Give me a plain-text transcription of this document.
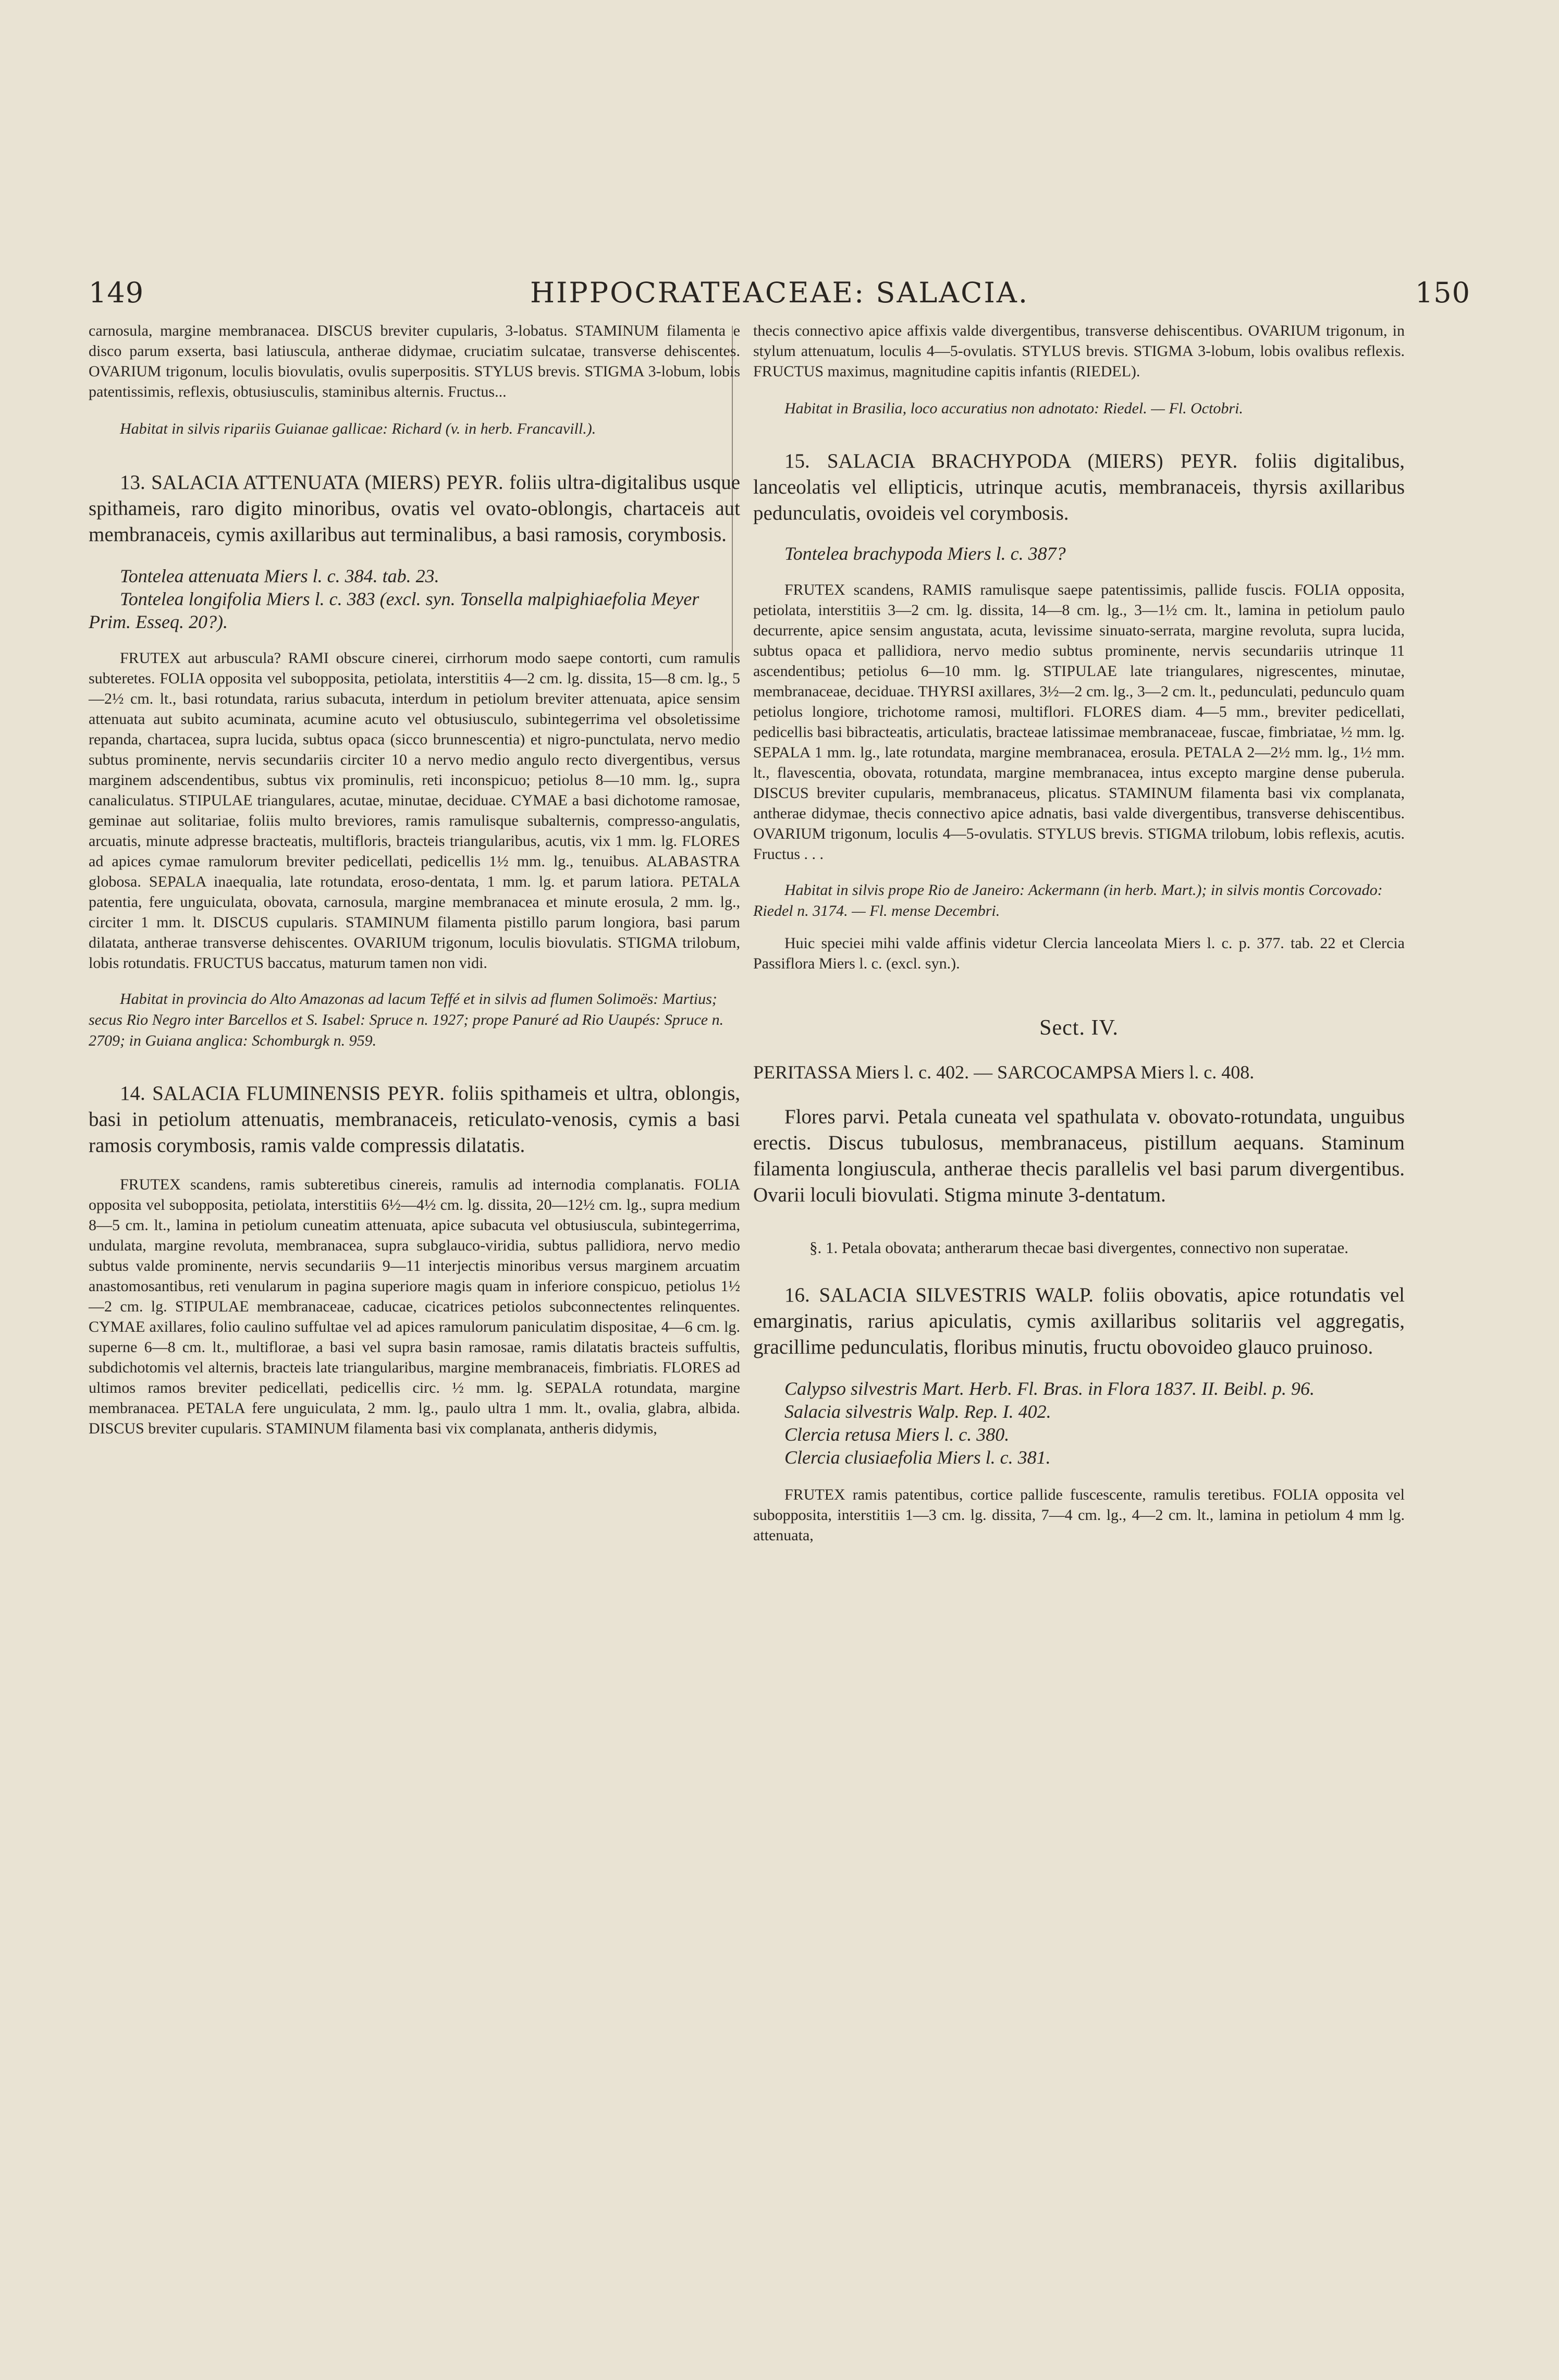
149	HIPPOCRATEACEAE: SALACIA.	150

carnosula, margine membranacea. DISCUS breviter cupularis, 3-lobatus. STAMINUM filamenta e disco parum exserta, basi latiuscula, antherae didymae, cruciatim sulcatae, transverse dehiscentes. OVARIUM trigonum, loculis biovulatis, ovulis superpositis. STYLUS brevis. STIGMA 3-lobum, lobis patentissimis, reflexis, obtusiusculis, staminibus alternis. Fructus...

Habitat in silvis ripariis Guianae gallicae: Richard (v. in herb. Francavill.).

13. SALACIA ATTENUATA (MIERS) PEYR. foliis ultra-digitalibus usque spithameis, raro digito minoribus, ovatis vel ovato-oblongis, chartaceis aut membranaceis, cymis axillaribus aut terminalibus, a basi ramosis, corymbosis.

Tontelea attenuata Miers l. c. 384. tab. 23.

Tontelea longifolia Miers l. c. 383 (excl. syn. Tonsella malpighiaefolia Meyer Prim. Esseq. 20?).

FRUTEX aut arbuscula? RAMI obscure cinerei, cirrhorum modo saepe contorti, cum ramulis subteretes. FOLIA opposita vel subopposita, petiolata, interstitiis 4—2 cm. lg. dissita, 15—8 cm. lg., 5—2½ cm. lt., basi rotundata, rarius subacuta, interdum in petiolum breviter attenuata, apice sensim attenuata aut subito acuminata, acumine acuto vel obtusiusculo, subintegerrima vel obsoletissime repanda, chartacea, supra lucida, subtus opaca (sicco brunnescentia) et nigro-punctulata, nervo medio subtus prominente, nervis secundariis circiter 10 a nervo medio angulo recto divergentibus, versus marginem adscendentibus, subtus vix prominulis, reti inconspicuo; petiolus 8—10 mm. lg., supra canaliculatus. STIPULAE triangulares, acutae, minutae, deciduae. CYMAE a basi dichotome ramosae, geminae aut solitariae, foliis multo breviores, ramis ramulisque subalternis, compresso-angulatis, arcuatis, minute adpresse bracteatis, multifloris, bracteis triangularibus, acutis, vix 1 mm. lg. FLORES ad apices cymae ramulorum breviter pedicellati, pedicellis 1½ mm. lg., tenuibus. ALABASTRA globosa. SEPALA inaequalia, late rotundata, eroso-dentata, 1 mm. lg. et parum latiora. PETALA patentia, fere unguiculata, obovata, carnosula, margine membranacea et minute erosula, 2 mm. lg., circiter 1 mm. lt. DISCUS cupularis. STAMINUM filamenta pistillo parum longiora, basi parum dilatata, antherae transverse dehiscentes. OVARIUM trigonum, loculis biovulatis. STIGMA trilobum, lobis rotundatis. FRUCTUS baccatus, maturum tamen non vidi.

Habitat in provincia do Alto Amazonas ad lacum Teffé et in silvis ad flumen Solimoës: Martius; secus Rio Negro inter Barcellos et S. Isabel: Spruce n. 1927; prope Panuré ad Rio Uaupés: Spruce n. 2709; in Guiana anglica: Schomburgk n. 959.

14. SALACIA FLUMINENSIS PEYR. foliis spithameis et ultra, oblongis, basi in petiolum attenuatis, membranaceis, reticulato-venosis, cymis a basi ramosis corymbosis, ramis valde compressis dilatatis.

FRUTEX scandens, ramis subteretibus cinereis, ramulis ad internodia complanatis. FOLIA opposita vel subopposita, petiolata, interstitiis 6½—4½ cm. lg. dissita, 20—12½ cm. lg., supra medium 8—5 cm. lt., lamina in petiolum cuneatim attenuata, apice subacuta vel obtusiuscula, subintegerrima, undulata, margine revoluta, membranacea, supra subglauco-viridia, subtus pallidiora, nervo medio subtus valde prominente, nervis secundariis 9—11 interjectis minoribus versus marginem arcuatim anastomosantibus, reti venularum in pagina superiore magis quam in inferiore conspicuo, petiolus 1½—2 cm. lg. STIPULAE membranaceae, caducae, cicatrices petiolos subconnectentes relinquentes. CYMAE axillares, folio caulino suffultae vel ad apices ramulorum paniculatim dispositae, 4—6 cm. lg. superne 6—8 cm. lt., multiflorae, a basi vel supra basin ramosae, ramis dilatatis bracteis suffultis, subdichotomis vel alternis, bracteis late triangularibus, margine membranaceis, fimbriatis. FLORES ad ultimos ramos breviter pedicellati, pedicellis circ. ½ mm. lg. SEPALA rotundata, margine membranacea. PETALA fere unguiculata, 2 mm. lg., paulo ultra 1 mm. lt., ovalia, glabra, albida. DISCUS breviter cupularis. STAMINUM filamenta basi vix complanata, antheris didymis,

thecis connectivo apice affixis valde divergentibus, transverse dehiscentibus. OVARIUM trigonum, in stylum attenuatum, loculis 4—5-ovulatis. STYLUS brevis. STIGMA 3-lobum, lobis ovalibus reflexis. FRUCTUS maximus, magnitudine capitis infantis (RIEDEL).

Habitat in Brasilia, loco accuratius non adnotato: Riedel. — Fl. Octobri.

15. SALACIA BRACHYPODA (MIERS) PEYR. foliis digitalibus, lanceolatis vel ellipticis, utrinque acutis, membranaceis, thyrsis axillaribus pedunculatis, ovoideis vel corymbosis.

Tontelea brachypoda Miers l. c. 387?

FRUTEX scandens, RAMIS ramulisque saepe patentissimis, pallide fuscis. FOLIA opposita, petiolata, interstitiis 3—2 cm. lg. dissita, 14—8 cm. lg., 3—1½ cm. lt., lamina in petiolum paulo decurrente, apice sensim angustata, acuta, levissime sinuato-serrata, margine revoluta, supra lucida, subtus opaca et pallidiora, nervo medio subtus prominente, nervis secundariis utrinque 11 ascendentibus; petiolus 6—10 mm. lg. STIPULAE late triangulares, nigrescentes, minutae, membranaceae, deciduae. THYRSI axillares, 3½—2 cm. lg., 3—2 cm. lt., pedunculati, pedunculo quam petiolus longiore, trichotome ramosi, multiflori. FLORES diam. 4—5 mm., breviter pedicellati, pedicellis basi bibracteatis, articulatis, bracteae latissimae membranaceae, fuscae, fimbriatae, ½ mm. lg. SEPALA 1 mm. lg., late rotundata, margine membranacea, erosula. PETALA 2—2½ mm. lg., 1½ mm. lt., flavescentia, obovata, rotundata, margine membranacea, intus excepto margine dense puberula. DISCUS breviter cupularis, membranaceus, plicatus. STAMINUM filamenta basi vix complanata, antherae didymae, thecis connectivo apice adnatis, basi valde divergentibus, transverse dehiscentibus. OVARIUM trigonum, loculis 4—5-ovulatis. STYLUS brevis. STIGMA trilobum, lobis reflexis, acutis. Fructus . . .

Habitat in silvis prope Rio de Janeiro: Ackermann (in herb. Mart.); in silvis montis Corcovado: Riedel n. 3174. — Fl. mense Decembri.

Huic speciei mihi valde affinis videtur Clercia lanceolata Miers l. c. p. 377. tab. 22 et Clercia Passiflora Miers l. c. (excl. syn.).

Sect. IV.

PERITASSA Miers l. c. 402. — SARCOCAMPSA Miers l. c. 408.

Flores parvi. Petala cuneata vel spathulata v. obovato-rotundata, unguibus erectis. Discus tubulosus, membranaceus, pistillum aequans. Staminum filamenta longiuscula, antherae thecis parallelis vel basi parum divergentibus. Ovarii loculi biovulati. Stigma minute 3-dentatum.

§. 1. Petala obovata; antherarum thecae basi divergentes, connectivo non superatae.

16. SALACIA SILVESTRIS WALP. foliis obovatis, apice rotundatis vel emarginatis, rarius apiculatis, cymis axillaribus solitariis vel aggregatis, gracillime pedunculatis, floribus minutis, fructu obovoideo glauco pruinoso.

Calypso silvestris Mart. Herb. Fl. Bras. in Flora 1837. II. Beibl. p. 96.

Salacia silvestris Walp. Rep. I. 402.

Clercia retusa Miers l. c. 380.

Clercia clusiaefolia Miers l. c. 381.

FRUTEX ramis patentibus, cortice pallide fuscescente, ramulis teretibus. FOLIA opposita vel subopposita, interstitiis 1—3 cm. lg. dissita, 7—4 cm. lg., 4—2 cm. lt., lamina in petiolum 4 mm lg. attenuata,
